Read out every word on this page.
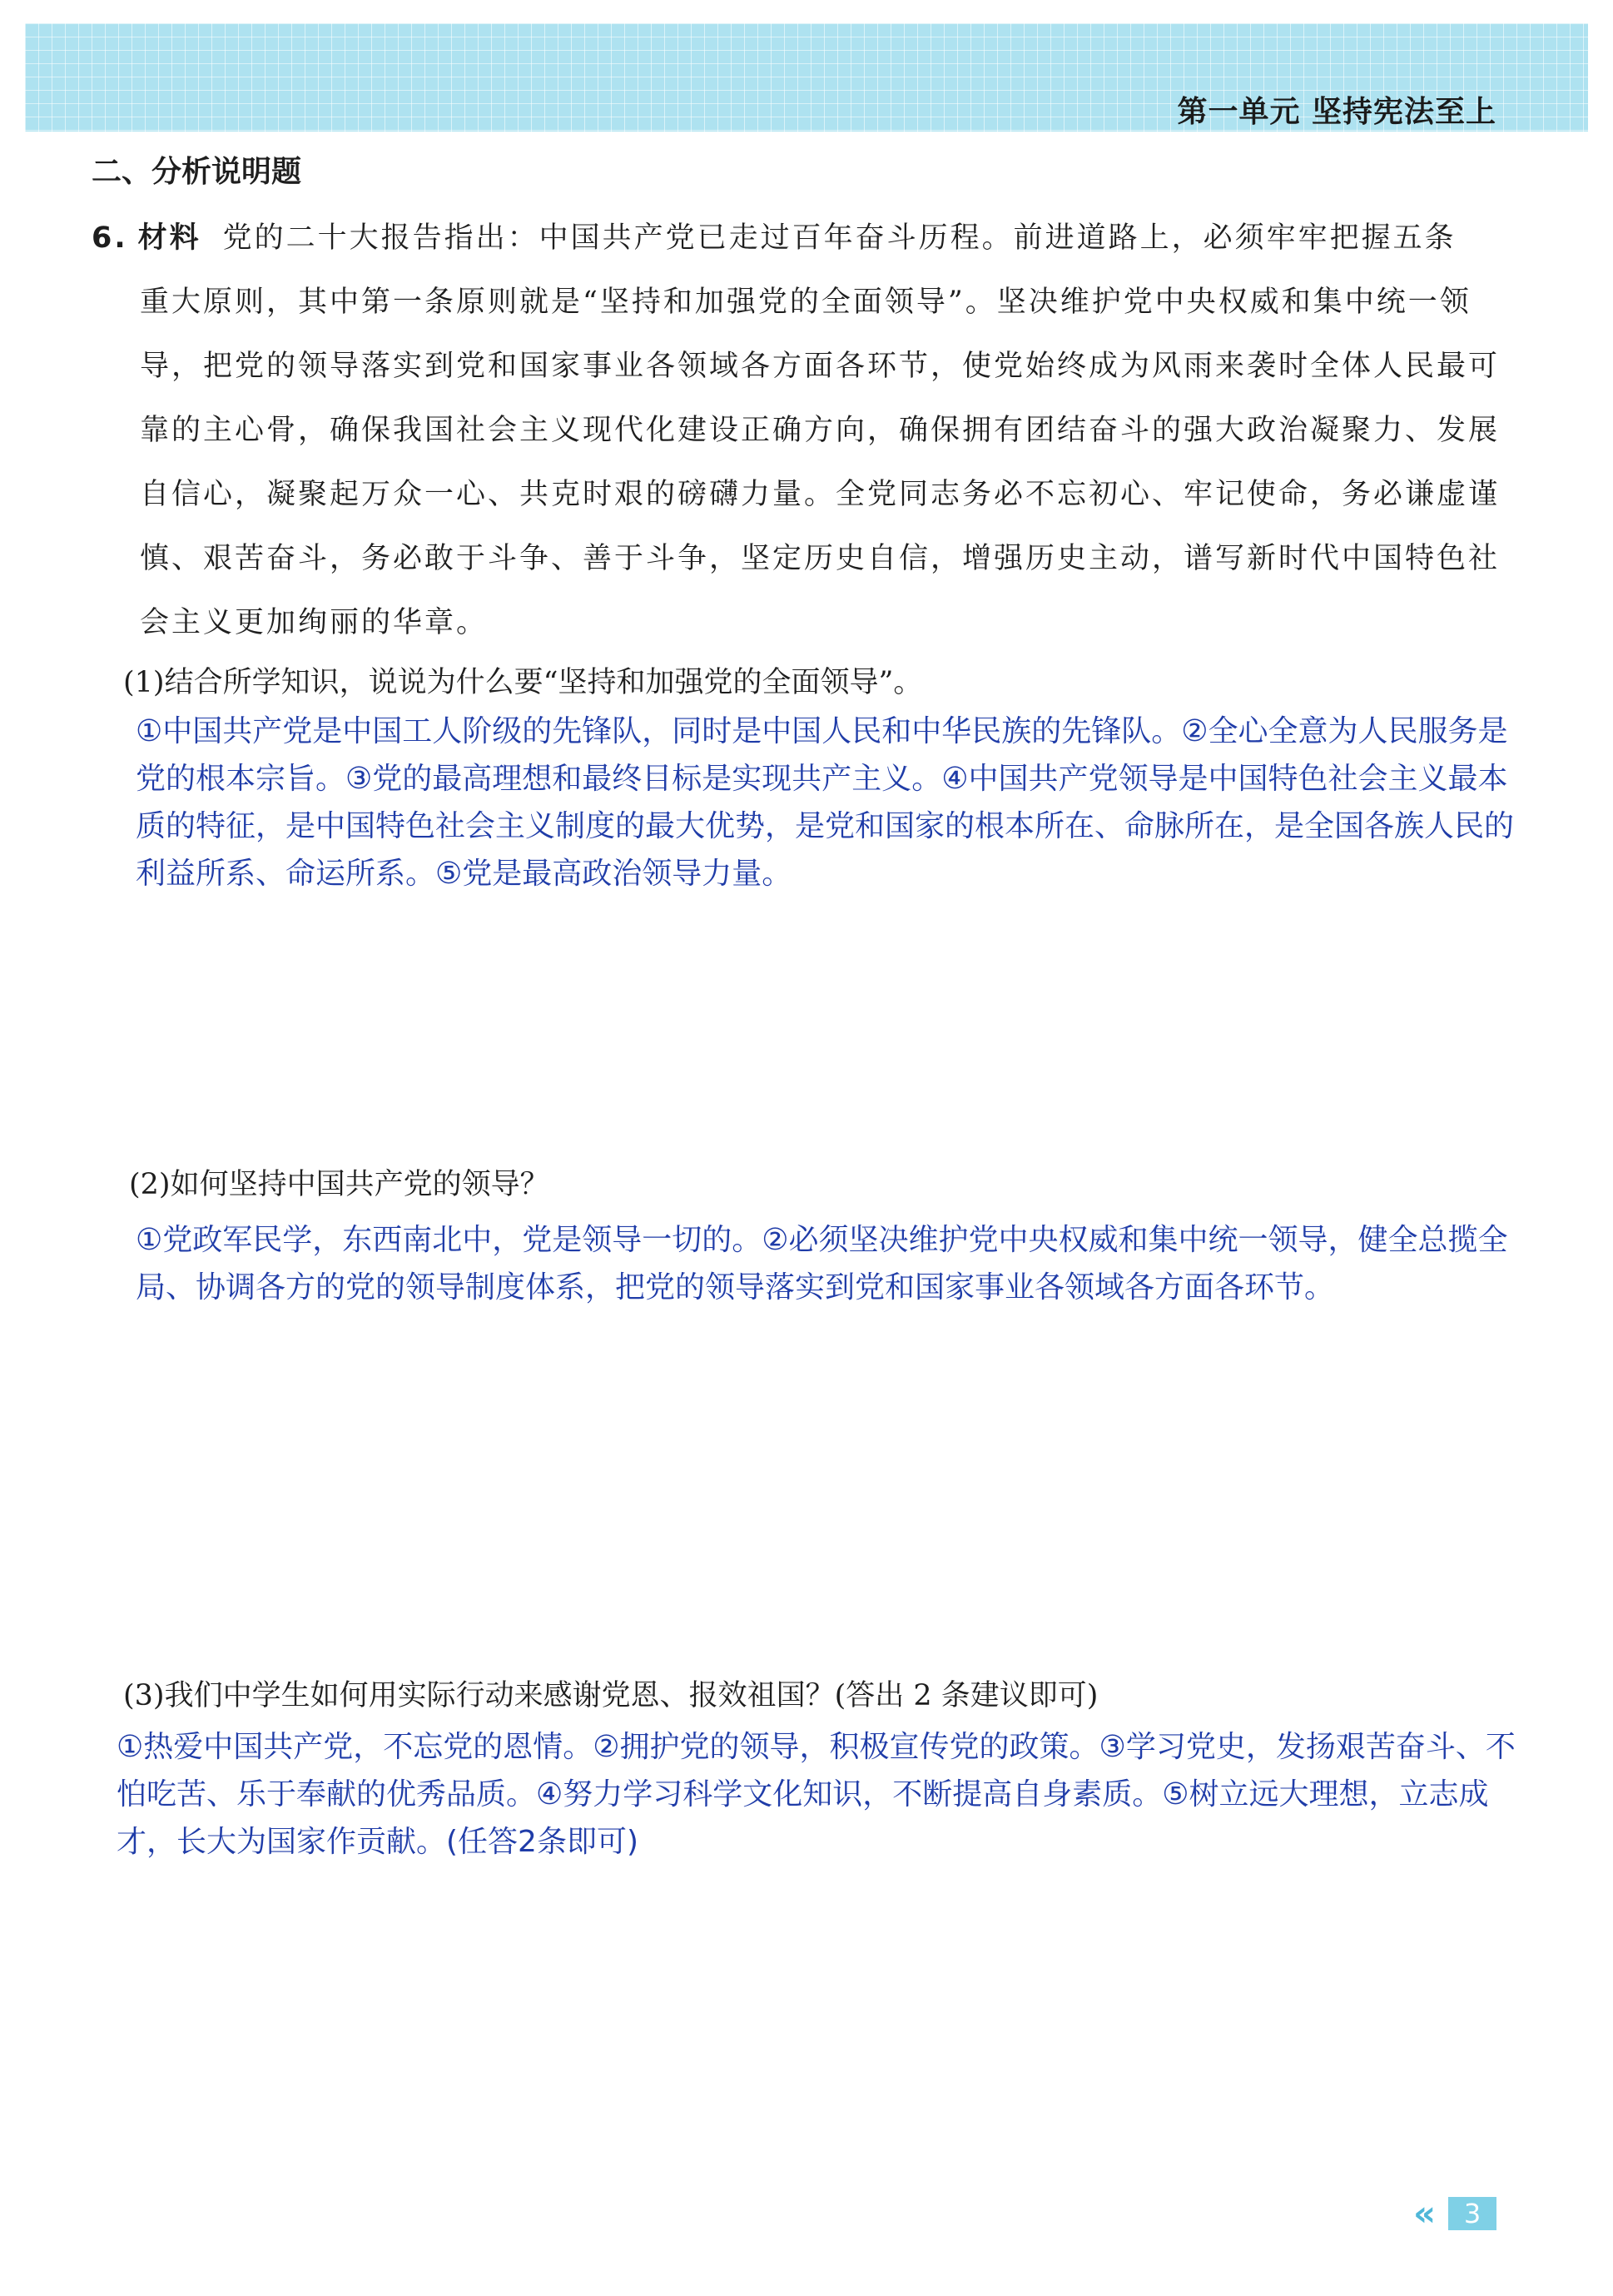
第一单元 坚持宪法至上
二、分析说明题
6. 材料 党的二十大报告指出：中国共产党已走过百年奋斗历程。前进道路上，必须牢牢把握五条
重大原则，其中第一条原则就是“坚持和加强党的全面领导”。坚决维护党中央权威和集中统一领导，把党的领导落实到党和国家事业各领域各方面各环节，使党始终成为风雨来袭时全体人民最可靠的主心骨，确保我国社会主义现代化建设正确方向，确保拥有团结奋斗的强大政治凝聚力、发展自信心，凝聚起万众一心、共克时艰的磅礴力量。全党同志务必不忘初心、牢记使命，务必谦虚谨慎、艰苦奋斗，务必敢于斗争、善于斗争，坚定历史自信，增强历史主动，谱写新时代中国特色社会主义更加绚丽的华章。
(1)结合所学知识，说说为什么要“坚持和加强党的全面领导”。
①中国共产党是中国工人阶级的先锋队，同时是中国人民和中华民族的先锋队。②全心全意为人民服务是党的根本宗旨。③党的最高理想和最终目标是实现共产主义。④中国共产党领导是中国特色社会主义最本质的特征，是中国特色社会主义制度的最大优势，是党和国家的根本所在、命脉所在，是全国各族人民的利益所系、命运所系。⑤党是最高政治领导力量。
(2)如何坚持中国共产党的领导？
①党政军民学，东西南北中，党是领导一切的。②必须坚决维护党中央权威和集中统一领导，健全总揽全局、协调各方的党的领导制度体系，把党的领导落实到党和国家事业各领域各方面各环节。
(3)我们中学生如何用实际行动来感谢党恩、报效祖国？(答出 2 条建议即可)
①热爱中国共产党，不忘党的恩情。②拥护党的领导，积极宣传党的政策。③学习党史，发扬艰苦奋斗、不怕吃苦、乐于奉献的优秀品质。④努力学习科学文化知识，不断提高自身素质。⑤树立远大理想，立志成才，长大为国家作贡献。(任答2条即可)
«	3
